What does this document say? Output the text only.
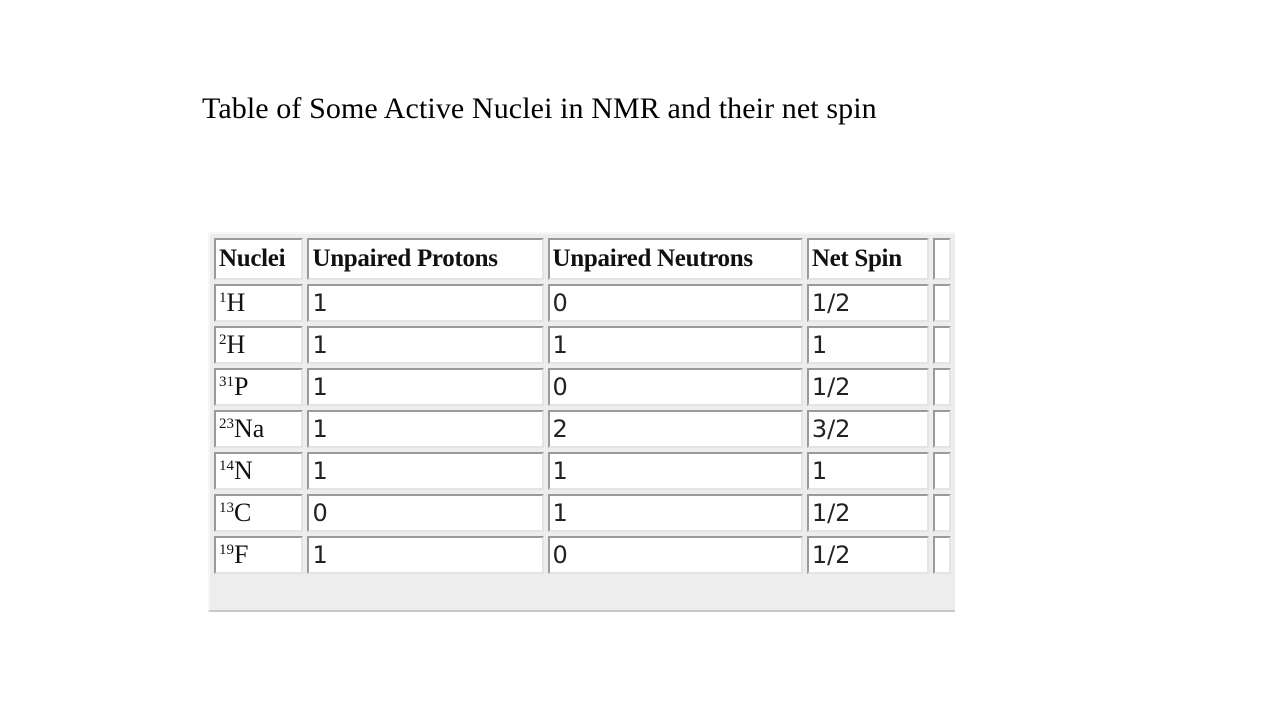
Table of Some Active Nuclei in NMR and their net spin
Nuclei	Unpaired Protons	Unpaired Neutrons	Net Spin	
$^1$H	1	0	1/2	
$^2$H	1	1	1	
$^{31}$P	1	0	1/2	
$^{23}$Na	1	2	3/2	
$^{14}$N	1	1	1	
$^{13}$C	0	1	1/2	
$^{19}$F	1	0	1/2	
